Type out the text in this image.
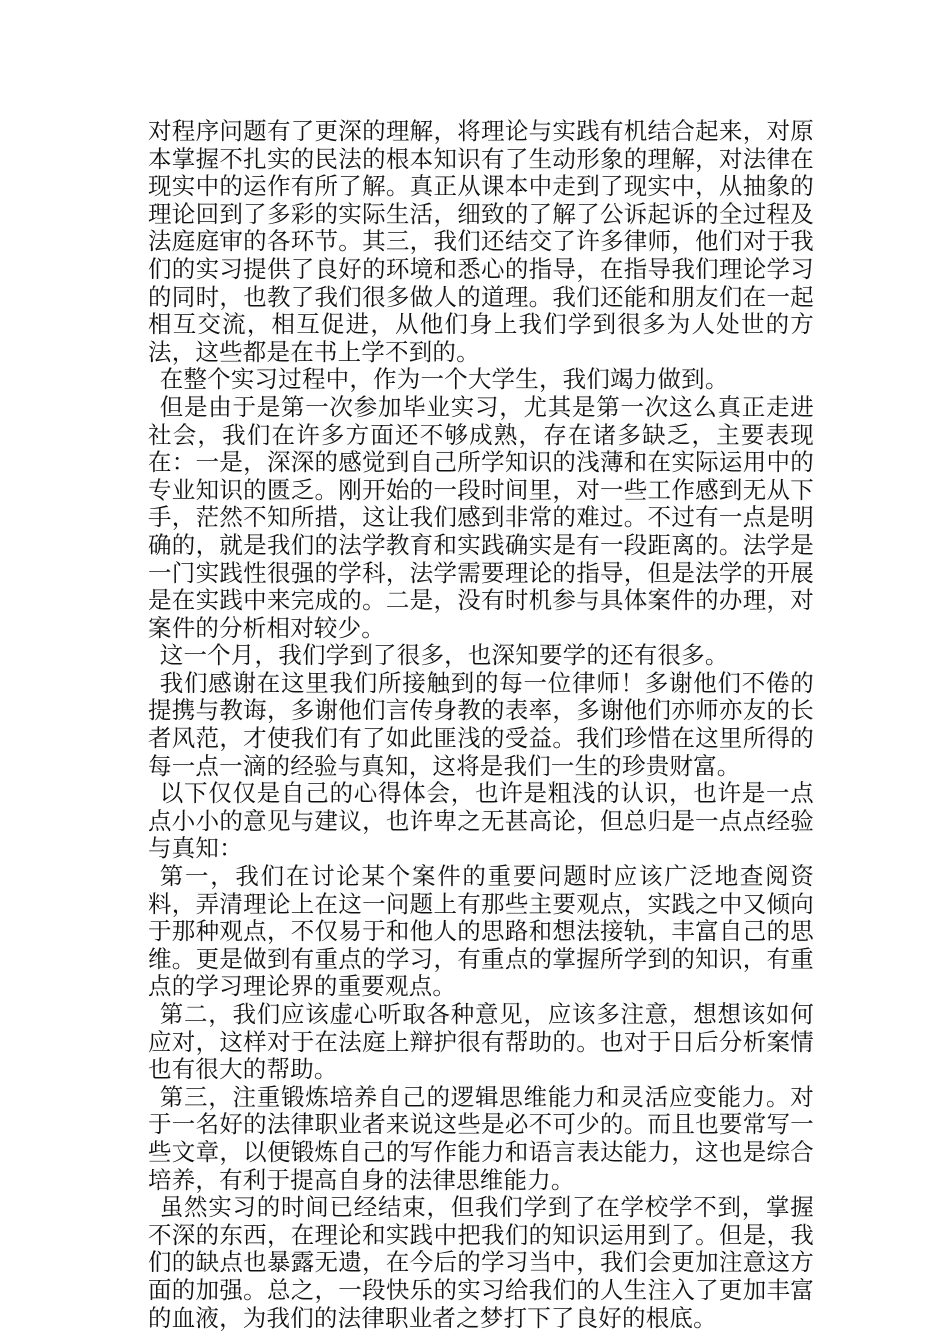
对程序问题有了更深的理解，将理论与实践有机结合起来，对原本掌握不扎实的民法的根本知识有了生动形象的理解，对法律在现实中的运作有所了解。真正从课本中走到了现实中，从抽象的理论回到了多彩的实际生活，细致的了解了公诉起诉的全过程及法庭庭审的各环节。其三，我们还结交了许多律师，他们对于我们的实习提供了良好的环境和悉心的指导，在指导我们理论学习的同时，也教了我们很多做人的道理。我们还能和朋友们在一起相互交流，相互促进，从他们身上我们学到很多为人处世的方法，这些都是在书上学不到的。

在整个实习过程中，作为一个大学生，我们竭力做到。

但是由于是第一次参加毕业实习，尤其是第一次这么真正走进社会，我们在许多方面还不够成熟，存在诸多缺乏，主要表现在：一是，深深的感觉到自己所学知识的浅薄和在实际运用中的专业知识的匮乏。刚开始的一段时间里，对一些工作感到无从下手，茫然不知所措，这让我们感到非常的难过。不过有一点是明确的，就是我们的法学教育和实践确实是有一段距离的。法学是一门实践性很强的学科，法学需要理论的指导，但是法学的开展是在实践中来完成的。二是，没有时机参与具体案件的办理，对案件的分析相对较少。

这一个月，我们学到了很多，也深知要学的还有很多。

我们感谢在这里我们所接触到的每一位律师！多谢他们不倦的提携与教诲，多谢他们言传身教的表率，多谢他们亦师亦友的长者风范，才使我们有了如此匪浅的受益。我们珍惜在这里所得的每一点一滴的经验与真知，这将是我们一生的珍贵财富。

以下仅仅是自己的心得体会，也许是粗浅的认识，也许是一点点小小的意见与建议，也许卑之无甚高论，但总归是一点点经验与真知：

第一，我们在讨论某个案件的重要问题时应该广泛地查阅资料，弄清理论上在这一问题上有那些主要观点，实践之中又倾向于那种观点，不仅易于和他人的思路和想法接轨，丰富自己的思维。更是做到有重点的学习，有重点的掌握所学到的知识，有重点的学习理论界的重要观点。

第二，我们应该虚心听取各种意见，应该多注意，想想该如何应对，这样对于在法庭上辩护很有帮助的。也对于日后分析案情也有很大的帮助。

第三，注重锻炼培养自己的逻辑思维能力和灵活应变能力。对于一名好的法律职业者来说这些是必不可少的。而且也要常写一些文章，以便锻炼自己的写作能力和语言表达能力，这也是综合培养，有利于提高自身的法律思维能力。

虽然实习的时间已经结束，但我们学到了在学校学不到，掌握不深的东西，在理论和实践中把我们的知识运用到了。但是，我们的缺点也暴露无遗，在今后的学习当中，我们会更加注意这方面的加强。总之，一段快乐的实习给我们的人生注入了更加丰富的血液，为我们的法律职业者之梦打下了良好的根底。
